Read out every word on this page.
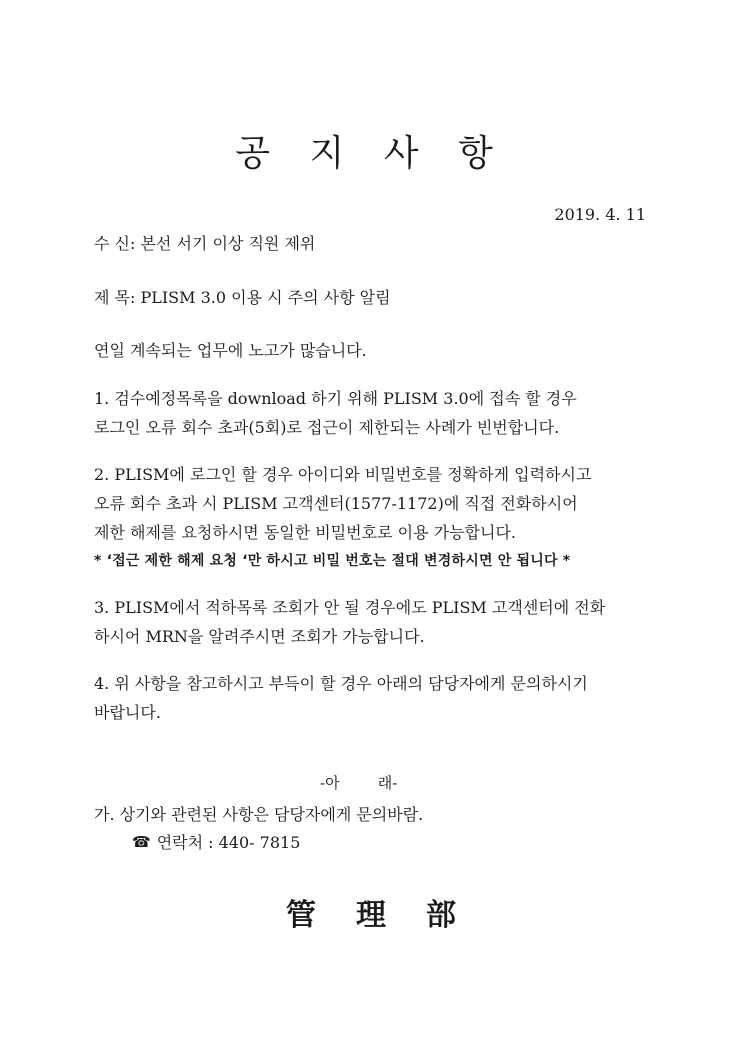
공 지 사 항
2019. 4. 11
수 신: 본선 서기 이상 직원 제위
제 목: PLISM 3.0 이용 시 주의 사항 알림
연일 계속되는 업무에 노고가 많습니다.
1. 검수예정목록을 download 하기 위해 PLISM 3.0에 접속 할 경우
로그인 오류 회수 초과(5회)로 접근이 제한되는 사례가 빈번합니다.
2. PLISM에 로그인 할 경우 아이디와 비밀번호를 정확하게 입력하시고
오류 회수 초과 시 PLISM 고객센터(1577-1172)에 직접 전화하시어
제한 해제를 요청하시면 동일한 비밀번호로 이용 가능합니다.
* ‘접근 제한 해제 요청 ‘만 하시고 비밀 번호는 절대 변경하시면 안 됩니다 *
3. PLISM에서 적하목록 조회가 안 될 경우에도 PLISM 고객센터에 전화
하시어 MRN을 알려주시면 조회가 가능합니다.
4. 위 사항을 참고하시고 부득이 할 경우 아래의 담당자에게 문의하시기
바랍니다.
-아        래-
가. 상기와 관련된 사항은 담당자에게 문의바람.
☎ 연락처 : 440- 7815
管理部
